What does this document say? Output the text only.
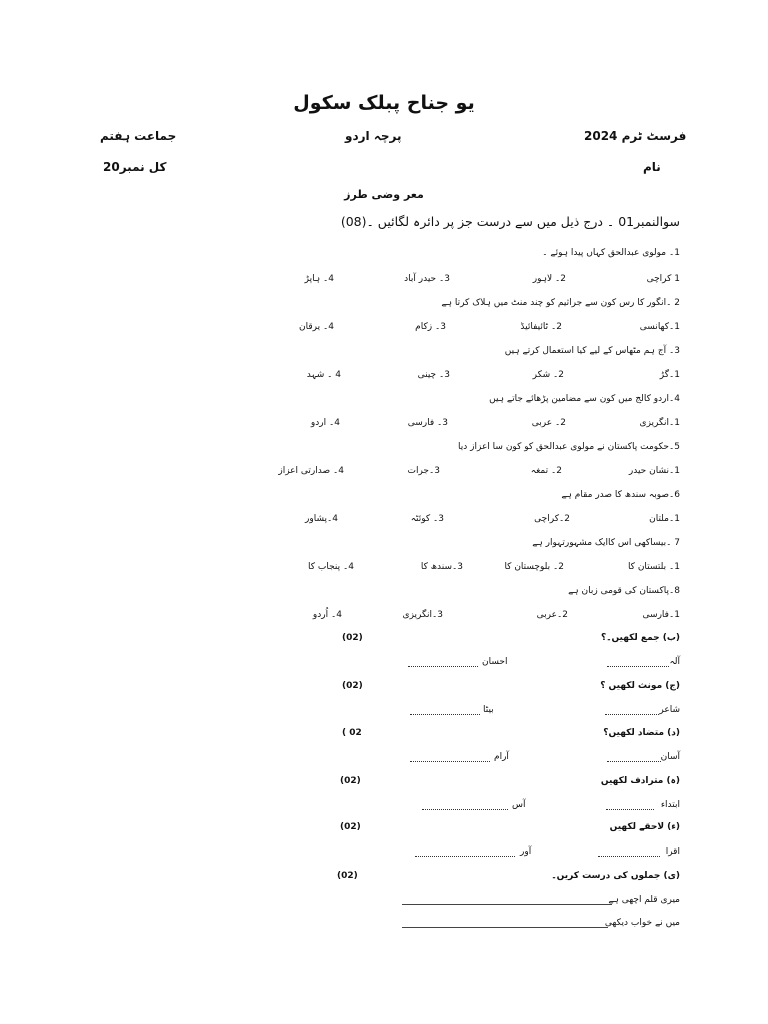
یو جناح پبلک سکول
فرسٹ ٹرم 2024
پرچہ اردو
جماعت ہفتم
نام
کل نمبر20
معر وضی طرز
سوالنمبر01 ۔ درج ذیل میں سے درست جز پر دائرہ لگائیں ۔(08)
1۔ مولوی عبدالحق کہاں پیدا ہوئے ۔
1 کراچی
2۔ لاہور
3۔ حیدر آباد
4۔ ہاپڑ
2 ۔انگور کا رس کون سے جراثیم کو چند منٹ میں ہلاک کرتا ہے
1۔کھانسی
2۔ ٹائیفائیڈ
3۔ زکام
4۔ یرقان
3۔ آج ہم مٹھاس کے لیے کیا استعمال کرتے ہیں
1۔گڑ
2۔ شکر
3۔ چینی
4 ۔ شہد
4۔اردو کالج میں کون سے مضامین پڑھائے جاتے ہیں
1۔انگریزی
2۔ عربی
3۔ فارسی
4۔ اردو
5۔حکومت پاکستان نے مولوی عبدالحق کو کون سا اعزاز دیا
1۔نشان حیدر
2۔ تمغہ
3۔جرات
4۔ صدارتی اعزاز
6۔صوبہ سندھ کا صدر مقام ہے
1۔ملتان
2۔کراچی
3۔ کوئٹہ
4۔پشاور
7 ۔بیساکھی اس کاایک مشہورتہوار ہے
1۔ بلتستان کا
2۔ بلوچستان کا
3۔سندھ کا
4۔ پنجاب کا
8۔پاکستان کی قومی زبان ہے
1۔فارسی
2۔عربی
3۔انگریزی
4۔ اُردو
(ب) جمع لکھیں۔؟
(02)
آلہ
احسان
(ج) مونث لکھیں ؟
(02)
شاعر
بیٹا
(د) متضاد لکھیں؟
( 02
آسان
آرام
(ہ) مترادف لکھیں
(02)
ابتداء
آس
(ء) لاحقے لکھیں
(02)
اقرا
آور
(ی) جملوں کی درست کریں۔
(02)
میری قلم اچھی ہے
میں نے خواب دیکھی
